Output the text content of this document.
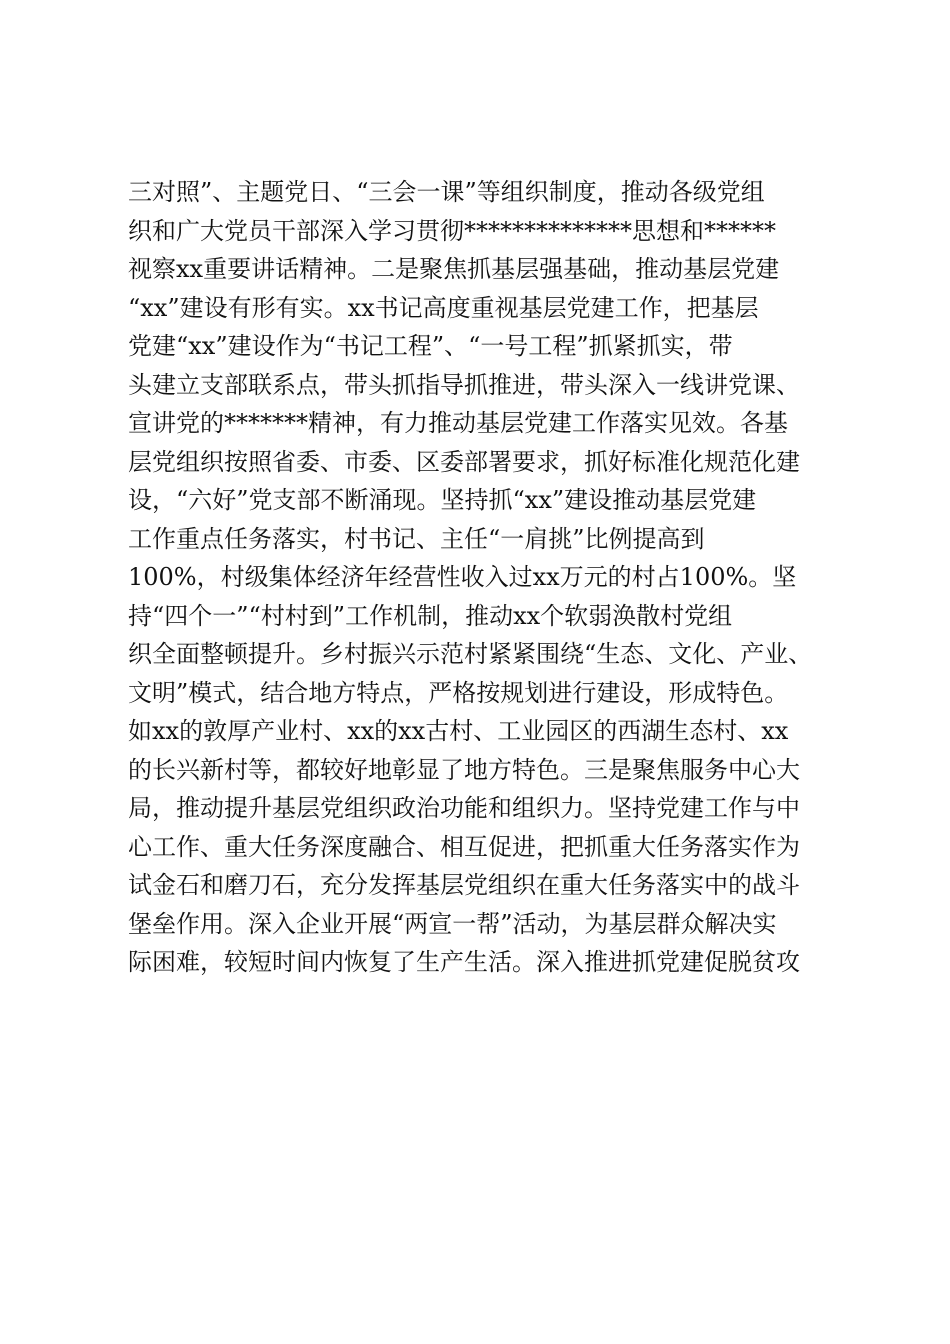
三对照”、主题党日、“三会一课”等组织制度，推动各级党组
织和广大党员干部深入学习贯彻**************思想和******
视察xx重要讲话精神。二是聚焦抓基层强基础，推动基层党建
“xx”建设有形有实。xx书记高度重视基层党建工作，把基层
党建“xx”建设作为“书记工程”、“一号工程”抓紧抓实，带
头建立支部联系点，带头抓指导抓推进，带头深入一线讲党课、
宣讲党的*******精神，有力推动基层党建工作落实见效。各基
层党组织按照省委、市委、区委部署要求，抓好标准化规范化建
设，“六好”党支部不断涌现。坚持抓“xx”建设推动基层党建
工作重点任务落实，村书记、主任“一肩挑”比例提高到
100%，村级集体经济年经营性收入过xx万元的村占100%。坚
持“四个一”“村村到”工作机制，推动xx个软弱涣散村党组
织全面整顿提升。乡村振兴示范村紧紧围绕“生态、文化、产业、
文明”模式，结合地方特点，严格按规划进行建设，形成特色。
如xx的敦厚产业村、xx的xx古村、工业园区的西湖生态村、xx
的长兴新村等，都较好地彰显了地方特色。三是聚焦服务中心大
局，推动提升基层党组织政治功能和组织力。坚持党建工作与中
心工作、重大任务深度融合、相互促进，把抓重大任务落实作为
试金石和磨刀石，充分发挥基层党组织在重大任务落实中的战斗
堡垒作用。深入企业开展“两宣一帮”活动，为基层群众解决实
际困难，较短时间内恢复了生产生活。深入推进抓党建促脱贫攻
